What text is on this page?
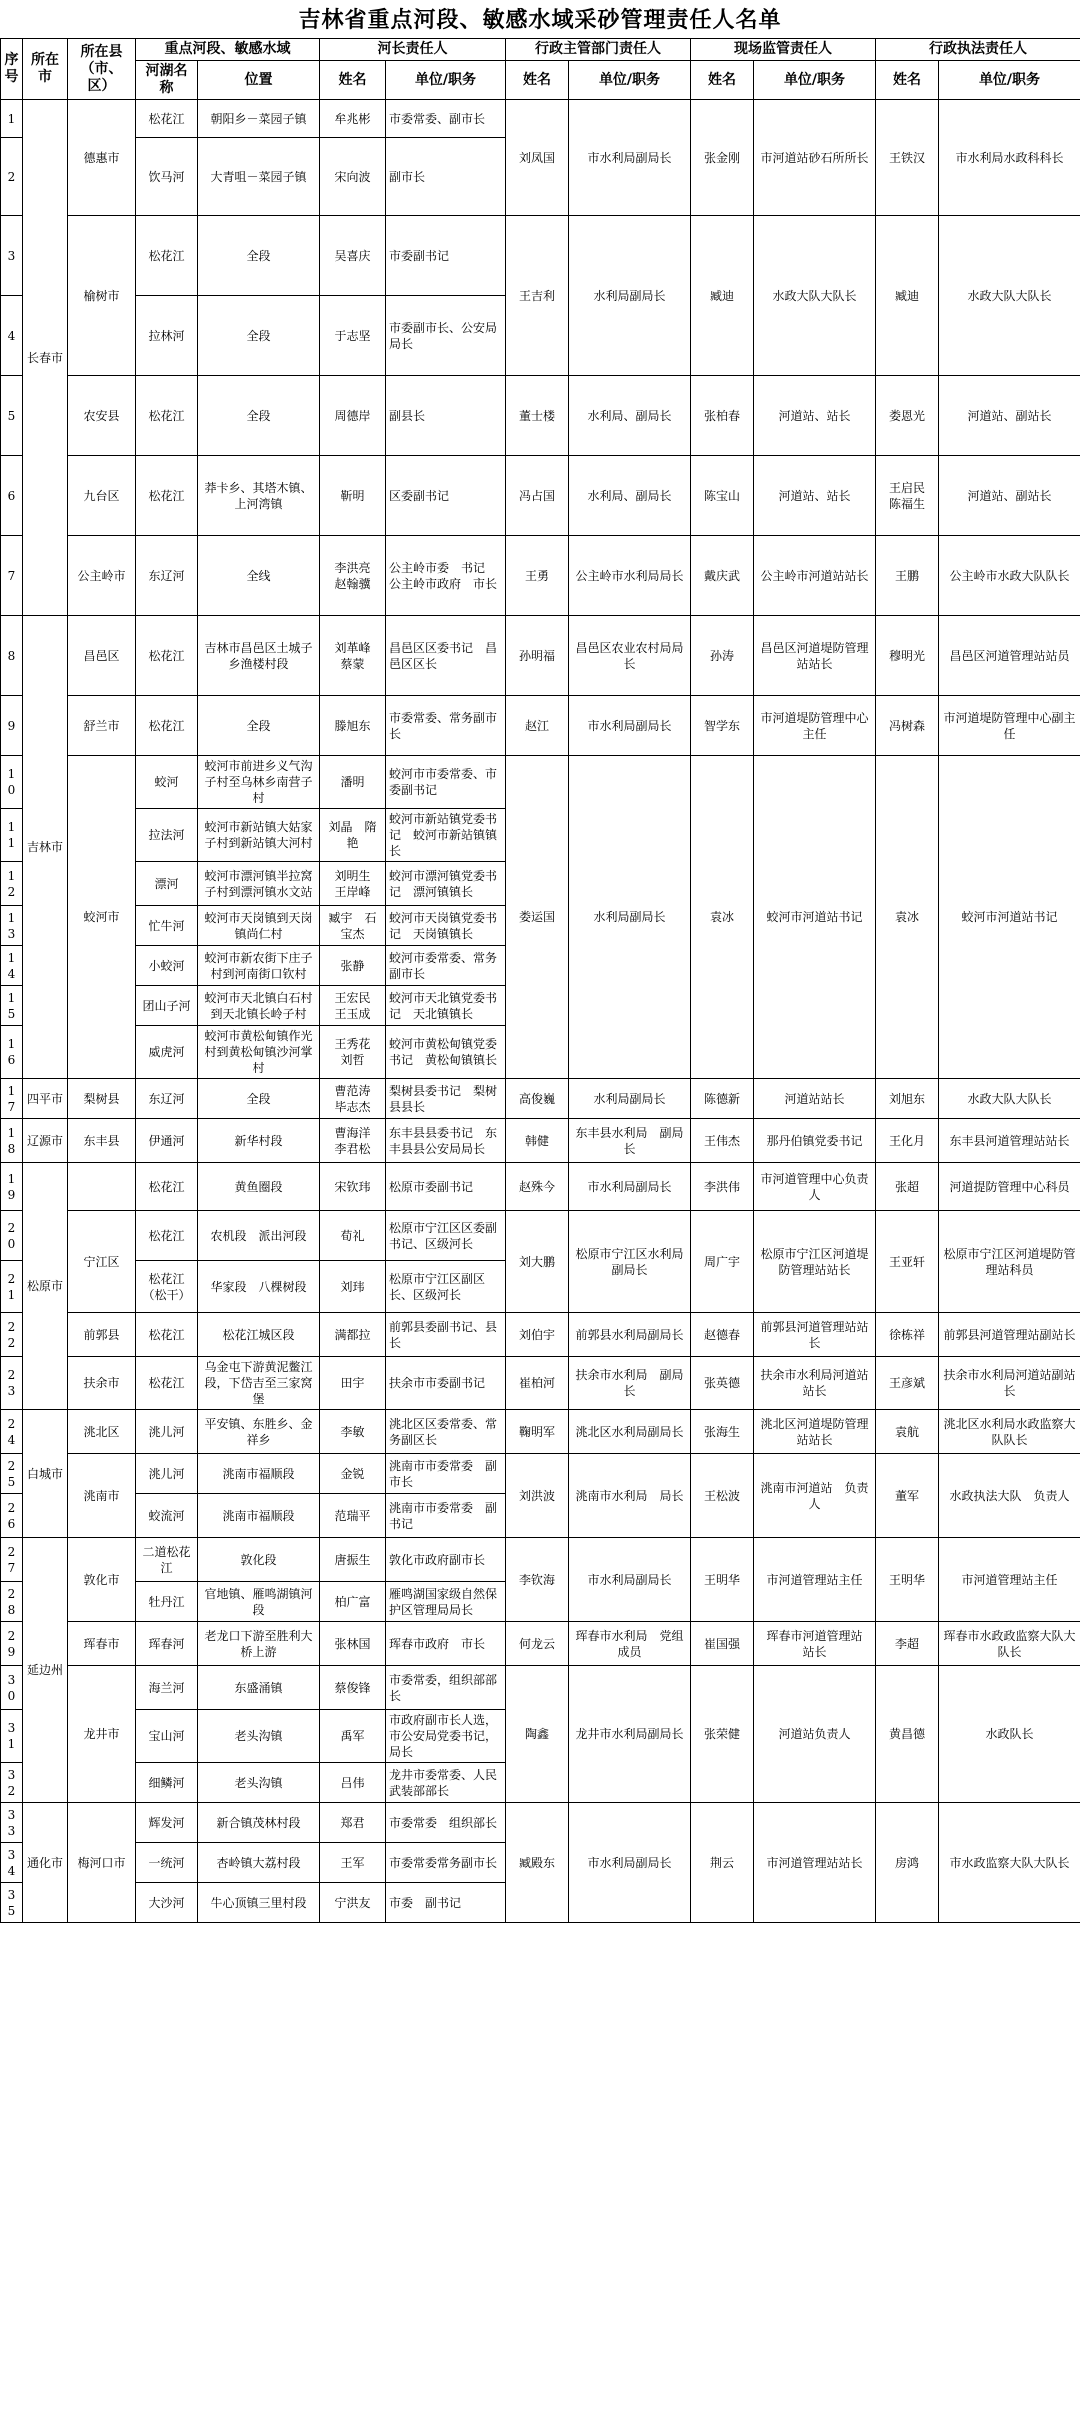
吉林省重点河段、敏感水域采砂管理责任人名单
序号	所在市	所在县（市、区）	重点河段、敏感水域		河长责任人		行政主管部门责任人		现场监管责任人		行政执法责任人	
			河湖名称	位置	姓名	单位/职务	姓名	单位/职务	姓名	单位/职务	姓名	单位/职务
1	长春市	德惠市	松花江	朝阳乡－菜园子镇	牟兆彬	市委常委、副市长	刘凤国	市水利局副局长	张金刚	市河道站砂石所所长	王铁汉	市水利局水政科科长
2			饮马河	大青咀－菜园子镇	宋向波	副市长						
3		榆树市	松花江	全段	吴喜庆	市委副书记	王吉利	水利局副局长	臧迪	水政大队大队长	臧迪	水政大队大队长
4			拉林河	全段	于志坚	市委副市长、公安局局长						
5		农安县	松花江	全段	周德岸	副县长	董士楼	水利局、副局长	张柏春	河道站、站长	娄恩光	河道站、副站长
6		九台区	松花江	莽卡乡、其塔木镇、上河湾镇	靳明	区委副书记	冯占国	水利局、副局长	陈宝山	河道站、站长	王启民　陈福生	河道站、副站长
7		公主岭市	东辽河	全线	李洪亮　赵翰骥	公主岭市委　书记　公主岭市政府　市长	王勇	公主岭市水利局局长	戴庆武	公主岭市河道站站长	王鹏	公主岭市水政大队队长
8	吉林市	昌邑区	松花江	吉林市昌邑区土城子乡渔楼村段	刘革峰　蔡蒙	昌邑区区委书记　昌邑区区长	孙明福	昌邑区农业农村局局长	孙涛	昌邑区河道堤防管理站站长	穆明光	昌邑区河道管理站站员
9		舒兰市	松花江	全段	滕旭东	市委常委、常务副市长	赵江	市水利局副局长	智学东	市河道堤防管理中心主任	冯树森	市河道堤防管理中心副主任
10		蛟河市	蛟河	蛟河市前进乡义气沟子村至乌林乡南营子村	潘明	蛟河市市委常委、市委副书记	娄运国	水利局副局长	袁冰	蛟河市河道站书记	袁冰	蛟河市河道站书记
11			拉法河	蛟河市新站镇大姑家子村到新站镇大河村	刘晶　隋艳	蛟河市新站镇党委书记　蛟河市新站镇镇长						
12			漂河	蛟河市漂河镇半拉窝子村到漂河镇水文站	刘明生　王岸峰	蛟河市漂河镇党委书记　漂河镇镇长						
13			忙牛河	蛟河市天岗镇到天岗镇尚仁村	臧宇　石宝杰	蛟河市天岗镇党委书记　天岗镇镇长						
14			小蛟河	蛟河市新农街下庄子村到河南街口钦村	张静	蛟河市委常委、常务副市长						
15			团山子河	蛟河市天北镇白石村到天北镇长岭子村	王宏民　王玉成	蛟河市天北镇党委书记　天北镇镇长						
16			威虎河	蛟河市黄松甸镇作光村到黄松甸镇沙河掌村	王秀花　刘哲	蛟河市黄松甸镇党委书记　黄松甸镇镇长						
17	四平市	梨树县	东辽河	全段	曹范涛　毕志杰	梨树县委书记　梨树县县长	高俊巍	水利局副局长	陈德新	河道站站长	刘旭东	水政大队大队长
18	辽源市	东丰县	伊通河	新华村段	曹海洋　李君松	东丰县县委书记　东丰县县公安局局长	韩健	东丰县水利局　副局长	王伟杰	那丹伯镇党委书记	王化月	东丰县河道管理站站长
19	松原市		松花江	黄鱼圈段	宋钦玮	松原市委副书记	赵殊今	市水利局副局长	李洪伟	市河道管理中心负责人	张超	河道提防管理中心科员
20		宁江区	松花江	农机段　派出河段	荀礼	松原市宁江区区委副书记、区级河长	刘大鹏	松原市宁江区水利局副局长	周广宇	松原市宁江区河道堤防管理站站长	王亚轩	松原市宁江区河道堤防管理站科员
21			松花江（松干）	华家段　八棵树段	刘玮	松原市宁江区副区长、区级河长						
22		前郭县	松花江	松花江城区段	满都拉	前郭县委副书记、县长	刘伯宇	前郭县水利局副局长	赵德春	前郭县河道管理站站长	徐栋祥	前郭县河道管理站副站长
23		扶余市	松花江	乌金屯下游黄泥鳖江段，下岱吉至三家窝堡	田宇	扶余市市委副书记	崔柏河	扶余市水利局　副局长	张英德	扶余市水利局河道站站长	王彦斌	扶余市水利局河道站副站长
24	白城市	洮北区	洮儿河	平安镇、东胜乡、金祥乡	李敏	洮北区区委常委、常务副区长	鞠明军	洮北区水利局副局长	张海生	洮北区河道堤防管理站站长	袁航	洮北区水利局水政监察大队队长
25		洮南市	洮儿河	洮南市福顺段	金锐	洮南市市委常委　副市长	刘洪波	洮南市水利局　局长	王松波	洮南市河道站　负责人	董军	水政执法大队　负责人
26			蛟流河	洮南市福顺段	范瑞平	洮南市市委常委　副书记						
27	延边州	敦化市	二道松花江	敦化段	唐振生	敦化市政府副市长	李钦海	市水利局副局长	王明华	市河道管理站主任	王明华	市河道管理站主任
28			牡丹江	官地镇、雁鸣湖镇河段	柏广富	雁鸣湖国家级自然保护区管理局局长						
29		珲春市	珲春河	老龙口下游至胜利大桥上游	张林国	珲春市政府　市长	何龙云	珲春市水利局　党组成员	崔国强	珲春市河道管理站　站长	李超	珲春市水政政监察大队大队长
30		龙井市	海兰河	东盛涌镇	蔡俊锋	市委常委，组织部部长	陶鑫	龙井市水利局副局长	张荣健	河道站负责人	黄昌德	水政队长
31			宝山河	老头沟镇	禹军	市政府副市长人选，市公安局党委书记，局长						
32			细鳞河	老头沟镇	吕伟	龙井市委常委、人民武装部部长						
33	通化市	梅河口市	辉发河	新合镇茂林村段	郑君	市委常委　组织部长	臧殿东	市水利局副局长	荆云	市河道管理站站长	房鸿	市水政监察大队大队长
34			一统河	杏岭镇大荔村段	王军	市委常委常务副市长						
35			大沙河	牛心顶镇三里村段	宁洪友	市委　副书记						
